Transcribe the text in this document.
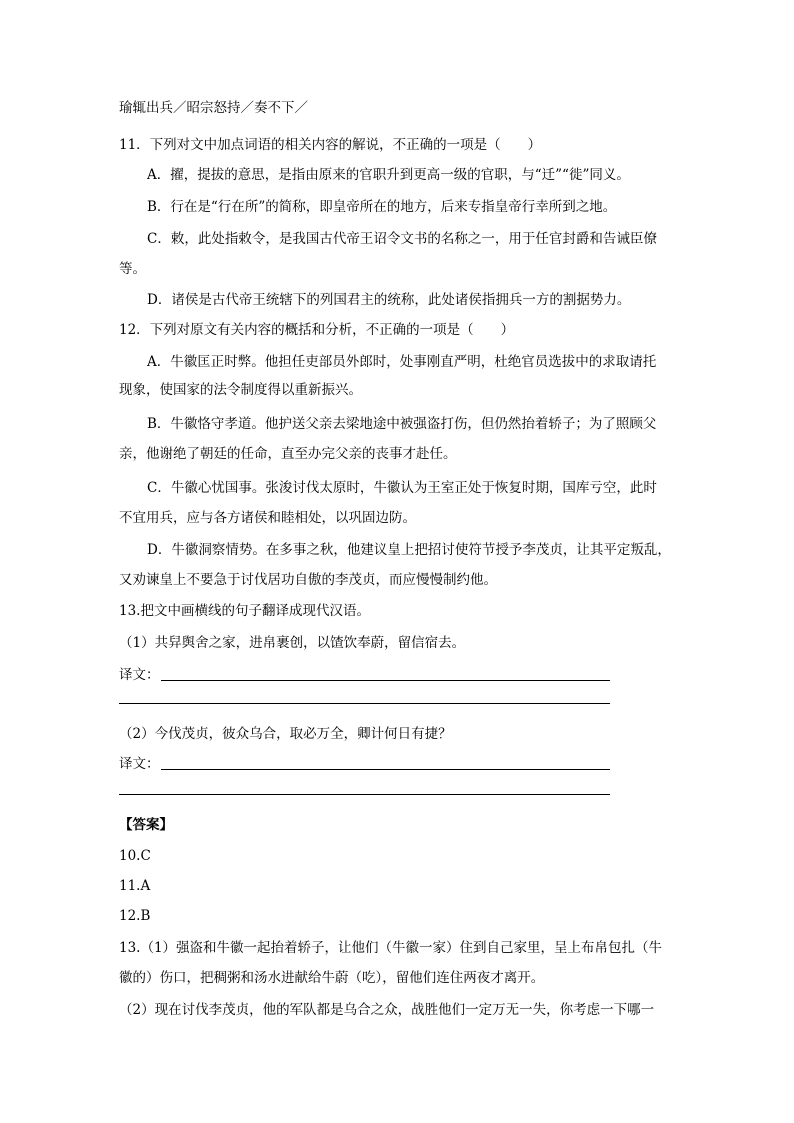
瑜辄出兵／昭宗怒持／奏不下／
11．下列对文中加点词语的相关内容的解说，不正确的一项是（　　）
A．擢，提拔的意思，是指由原来的官职升到更高一级的官职，与“迁”“徙”同义。
B．行在是“行在所”的简称，即皇帝所在的地方，后来专指皇帝行幸所到之地。
C．敕，此处指敕令，是我国古代帝王诏令文书的名称之一，用于任官封爵和告诫臣僚
等。
D．诸侯是古代帝王统辖下的列国君主的统称，此处诸侯指拥兵一方的割据势力。
12．下列对原文有关内容的概括和分析，不正确的一项是（　　）
A．牛徽匡正时弊。他担任吏部员外郎时，处事刚直严明，杜绝官员选拔中的求取请托
现象，使国家的法令制度得以重新振兴。
B．牛徽恪守孝道。他护送父亲去梁地途中被强盗打伤，但仍然抬着轿子；为了照顾父
亲，他谢绝了朝廷的任命，直至办完父亲的丧事才赴任。
C．牛徽心忧国事。张浚讨伐太原时，牛徽认为王室正处于恢复时期，国库亏空，此时
不宜用兵，应与各方诸侯和睦相处，以巩固边防。
D．牛徽洞察情势。在多事之秋，他建议皇上把招讨使符节授予李茂贞，让其平定叛乱，
又劝谏皇上不要急于讨伐居功自傲的李茂贞，而应慢慢制约他。
13.把文中画横线的句子翻译成现代汉语。
（1）共舁舆舍之家，进帛裹创，以馇饮奉蔚，留信宿去。
译文：
（2）今伐茂贞，彼众乌合，取必万全，卿计何日有捷？
译文：
【答案】
10.C
11.A
12.B
13.（1）强盗和牛徽一起抬着轿子，让他们（牛徽一家）住到自己家里，呈上布帛包扎（牛
徽的）伤口，把稠粥和汤水进献给牛蔚（吃），留他们连住两夜才离开。
（2）现在讨伐李茂贞，他的军队都是乌合之众，战胜他们一定万无一失，你考虑一下哪一
